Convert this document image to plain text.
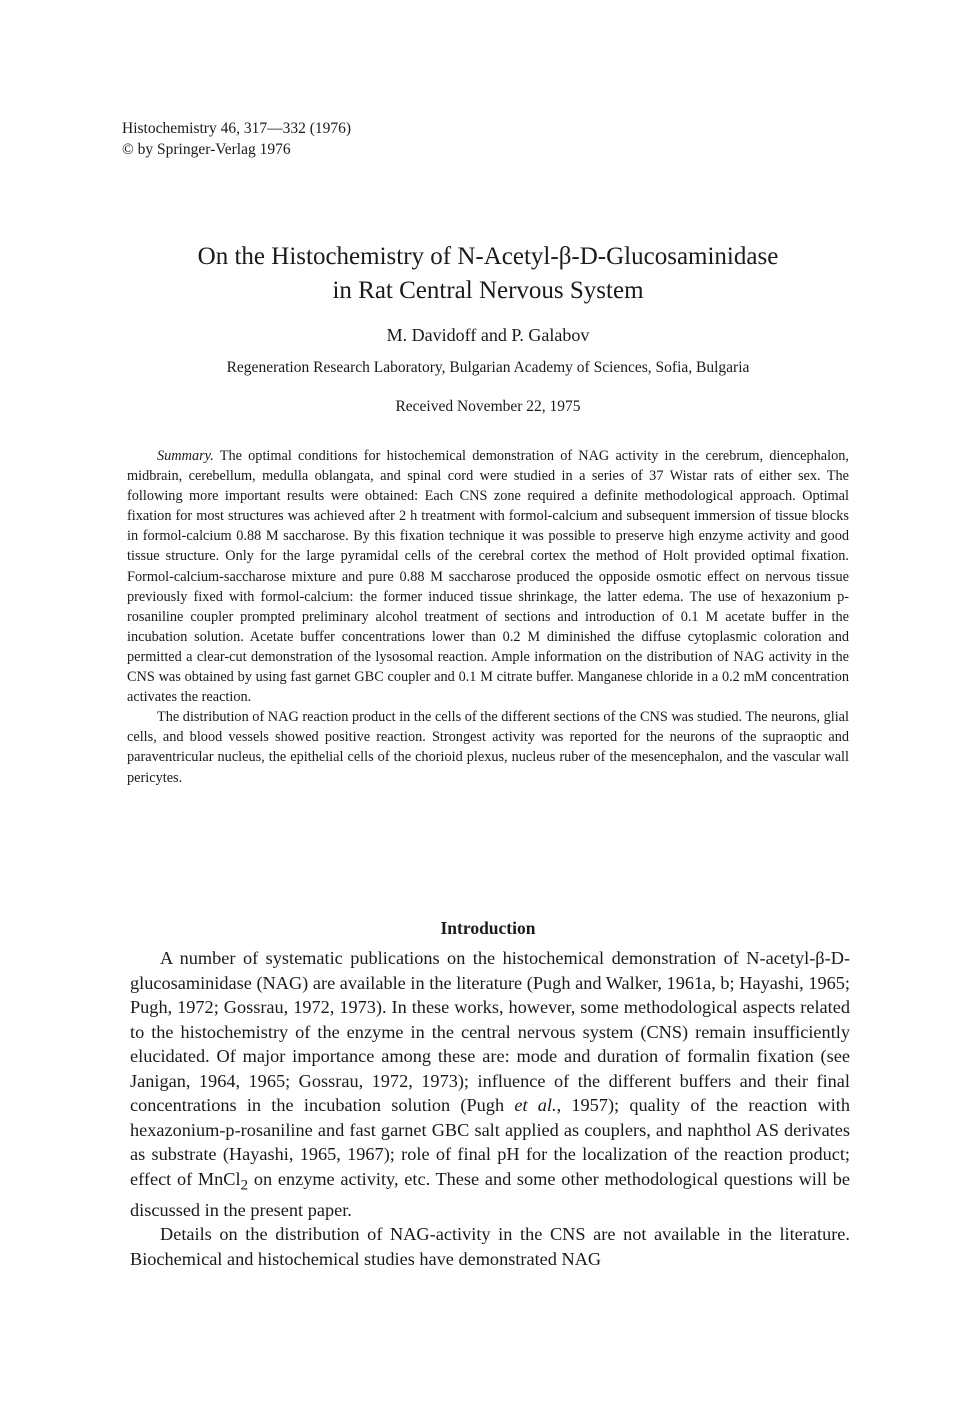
Histochemistry 46, 317—332 (1976)
© by Springer-Verlag 1976
On the Histochemistry of N-Acetyl-β-D-Glucosaminidase
in Rat Central Nervous System
M. Davidoff and P. Galabov
Regeneration Research Laboratory, Bulgarian Academy of Sciences, Sofia, Bulgaria
Received November 22, 1975

Summary. The optimal conditions for histochemical demonstration of NAG activity in the cerebrum, diencephalon, midbrain, cerebellum, medulla oblangata, and spinal cord were studied in a series of 37 Wistar rats of either sex. The following more important results were obtained: Each CNS zone required a definite methodological approach. Optimal fixation for most structures was achieved after 2 h treatment with formol-calcium and subsequent immersion of tissue blocks in formol-calcium 0.88 M saccharose. By this fixation technique it was possible to preserve high enzyme activity and good tissue structure. Only for the large pyramidal cells of the cerebral cortex the method of Holt provided optimal fixation. Formol-calcium-saccharose mixture and pure 0.88 M saccharose produced the opposide osmotic effect on nervous tissue previously fixed with formol-calcium: the former induced tissue shrinkage, the latter edema. The use of hexazonium p-rosaniline coupler prompted preliminary alcohol treatment of sections and introduction of 0.1 M acetate buffer in the incubation solution. Acetate buffer concentrations lower than 0.2 M diminished the diffuse cytoplasmic coloration and permitted a clear-cut demonstration of the lysosomal reaction. Ample information on the distribution of NAG activity in the CNS was obtained by using fast garnet GBC coupler and 0.1 M citrate buffer. Manganese chloride in a 0.2 mM concentration activates the reaction.

The distribution of NAG reaction product in the cells of the different sections of the CNS was studied. The neurons, glial cells, and blood vessels showed positive reaction. Strongest activity was reported for the neurons of the supraoptic and paraventricular nucleus, the epithelial cells of the chorioid plexus, nucleus ruber of the mesencephalon, and the vascular wall pericytes.

Introduction

A number of systematic publications on the histochemical demonstration of N-acetyl-β-D-glucosaminidase (NAG) are available in the literature (Pugh and Walker, 1961a, b; Hayashi, 1965; Pugh, 1972; Gossrau, 1972, 1973). In these works, however, some methodological aspects related to the histochemistry of the enzyme in the central nervous system (CNS) remain insufficiently elucidated. Of major importance among these are: mode and duration of formalin fixation (see Janigan, 1964, 1965; Gossrau, 1972, 1973); influence of the different buffers and their final concentrations in the incubation solution (Pugh et al., 1957); quality of the reaction with hexazonium-p-rosaniline and fast garnet GBC salt applied as couplers, and naphthol AS derivates as substrate (Hayashi, 1965, 1967); role of final pH for the localization of the reaction product; effect of MnCl$_2$ on enzyme activity, etc. These and some other methodological questions will be discussed in the present paper.

Details on the distribution of NAG-activity in the CNS are not available in the literature. Biochemical and histochemical studies have demonstrated NAG
